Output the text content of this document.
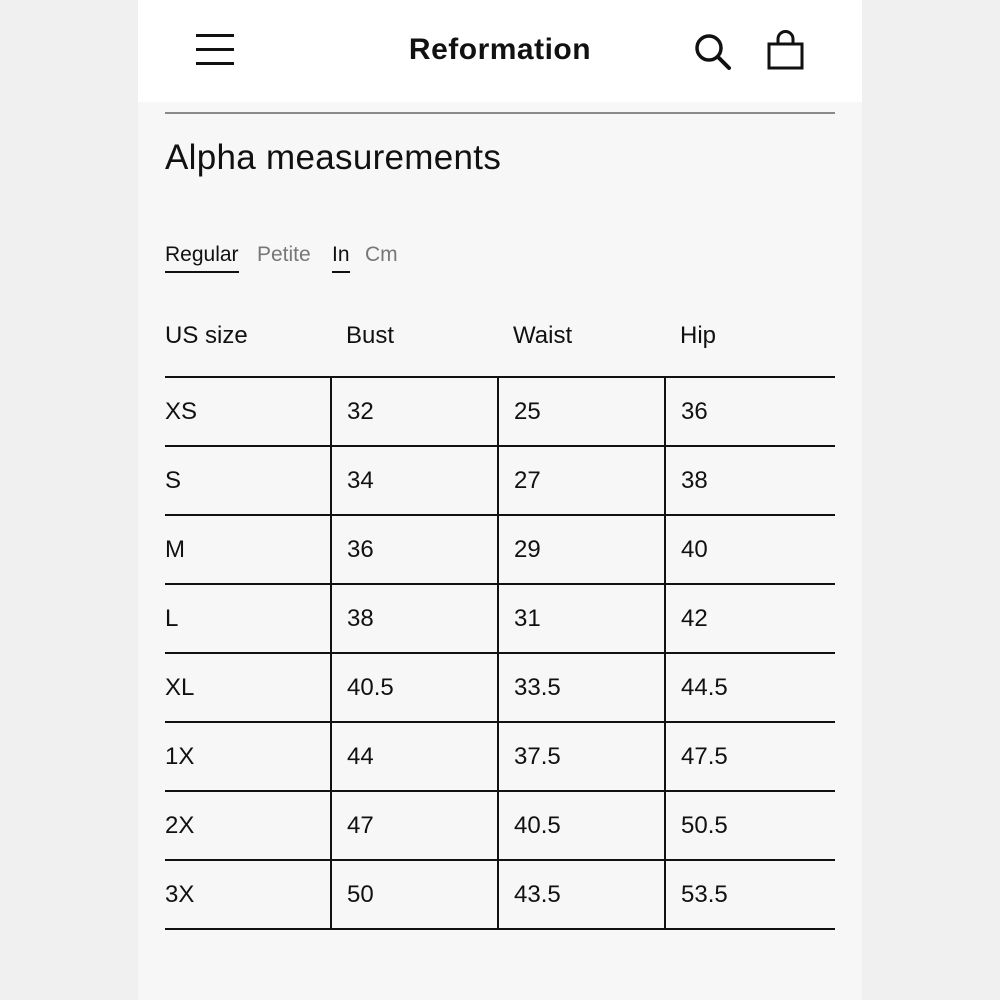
Reformation
Alpha measurements
Regular Petite In Cm
US size	Bust	Waist	Hip
XS	32	25	36
S	34	27	38
M	36	29	40
L	38	31	42
XL	40.5	33.5	44.5
1X	44	37.5	47.5
2X	47	40.5	50.5
3X	50	43.5	53.5
